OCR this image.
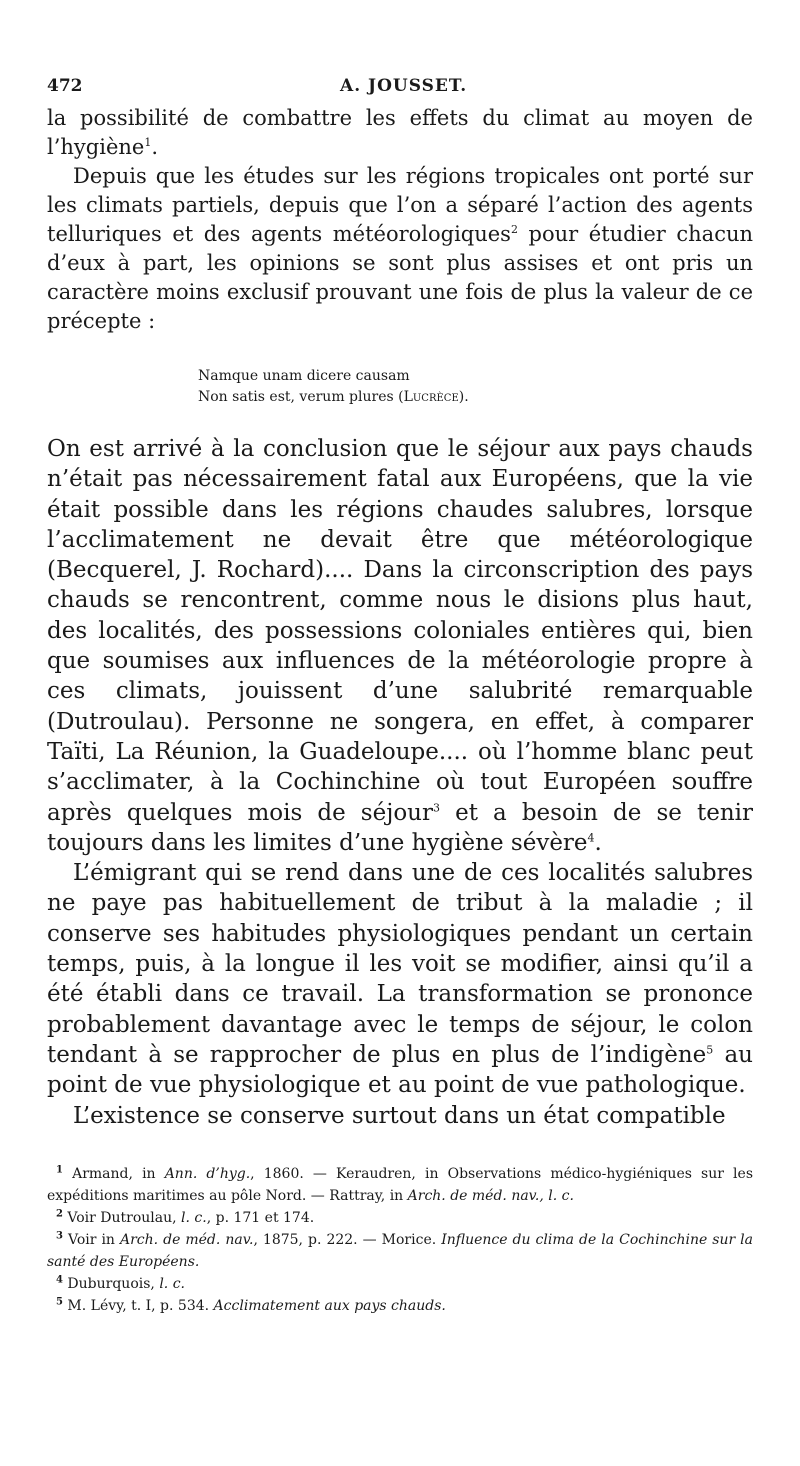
472	A. JOUSSET.

la possibilité de combattre les effets du climat au moyen de l’hygiène$^1$.

Depuis que les études sur les régions tropicales ont porté sur les climats partiels, depuis que l’on a séparé l’action des agents telluriques et des agents météorologiques$^2$ pour étudier chacun d’eux à part, les opinions se sont plus assises et ont pris un caractère moins exclusif prouvant une fois de plus la valeur de ce précepte :

Namque unam dicere causam
Non satis est, verum plures (Lucrèce).

On est arrivé à la conclusion que le séjour aux pays chauds n’était pas nécessairement fatal aux Européens, que la vie était possible dans les régions chaudes salubres, lorsque l’acclimatement ne devait être que météorologique (Becquerel, J. Rochard).... Dans la circonscription des pays chauds se rencontrent, comme nous le disions plus haut, des localités, des possessions coloniales entières qui, bien que soumises aux influences de la météorologie propre à ces climats, jouissent d’une salubrité remarquable (Dutroulau). Personne ne songera, en effet, à comparer Taïti, La Réunion, la Guadeloupe.... où l’homme blanc peut s’acclimater, à la Cochinchine où tout Européen souffre après quelques mois de séjour$^3$ et a besoin de se tenir toujours dans les limites d’une hygiène sévère$^4$.

L’émigrant qui se rend dans une de ces localités salubres ne paye pas habituellement de tribut à la maladie ; il conserve ses habitudes physiologiques pendant un certain temps, puis, à la longue il les voit se modifier, ainsi qu’il a été établi dans ce travail. La transformation se prononce probablement davantage avec le temps de séjour, le colon tendant à se rapprocher de plus en plus de l’indigène$^5$ au point de vue physiologique et au point de vue pathologique.

L’existence se conserve surtout dans un état compatible

$^1$ Armand, in Ann. d’hyg., 1860. — Keraudren, in Observations médico-hygiéniques sur les expéditions maritimes au pôle Nord. — Rattray, in Arch. de méd. nav., l. c.

$^2$ Voir Dutroulau, l. c., p. 171 et 174.

$^3$ Voir in Arch. de méd. nav., 1875, p. 222. — Morice. Influence du clima de la Cochinchine sur la santé des Européens.

$^4$ Duburquois, l. c.

$^5$ M. Lévy, t. I, p. 534. Acclimatement aux pays chauds.
